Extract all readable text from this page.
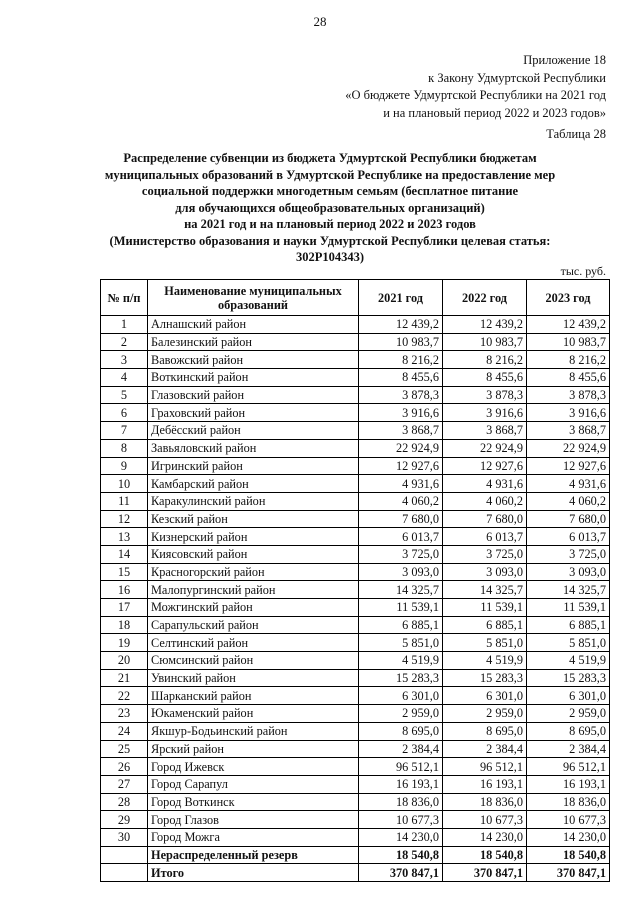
28
Приложение 18
к Закону Удмуртской Республики
«О бюджете Удмуртской Республики на 2021 год
и на плановый период 2022 и 2023 годов»
Таблица 28
Распределение субвенции из бюджета Удмуртской Республики бюджетам
муниципальных образований в Удмуртской Республике на предоставление мер
социальной поддержки многодетным семьям (бесплатное питание
для обучающихся общеобразовательных организаций)
на 2021 год и на плановый период 2022 и 2023 годов
(Министерство образования и науки Удмуртской Республики целевая статья:
302Р104343)
тыс. руб.
№ п/п	Наименование муниципальных образований	2021 год	2022 год	2023 год
1	Алнашский район	12 439,2	12 439,2	12 439,2
2	Балезинский район	10 983,7	10 983,7	10 983,7
3	Вавожский район	8 216,2	8 216,2	8 216,2
4	Воткинский район	8 455,6	8 455,6	8 455,6
5	Глазовский район	3 878,3	3 878,3	3 878,3
6	Граховский район	3 916,6	3 916,6	3 916,6
7	Дебёсский район	3 868,7	3 868,7	3 868,7
8	Завьяловский район	22 924,9	22 924,9	22 924,9
9	Игринский район	12 927,6	12 927,6	12 927,6
10	Камбарский район	4 931,6	4 931,6	4 931,6
11	Каракулинский район	4 060,2	4 060,2	4 060,2
12	Кезский район	7 680,0	7 680,0	7 680,0
13	Кизнерский район	6 013,7	6 013,7	6 013,7
14	Киясовский район	3 725,0	3 725,0	3 725,0
15	Красногорский район	3 093,0	3 093,0	3 093,0
16	Малопургинский район	14 325,7	14 325,7	14 325,7
17	Можгинский район	11 539,1	11 539,1	11 539,1
18	Сарапульский район	6 885,1	6 885,1	6 885,1
19	Селтинский район	5 851,0	5 851,0	5 851,0
20	Сюмсинский район	4 519,9	4 519,9	4 519,9
21	Увинский район	15 283,3	15 283,3	15 283,3
22	Шарканский район	6 301,0	6 301,0	6 301,0
23	Юкаменский район	2 959,0	2 959,0	2 959,0
24	Якшур-Бодьинский район	8 695,0	8 695,0	8 695,0
25	Ярский район	2 384,4	2 384,4	2 384,4
26	Город Ижевск	96 512,1	96 512,1	96 512,1
27	Город Сарапул	16 193,1	16 193,1	16 193,1
28	Город Воткинск	18 836,0	18 836,0	18 836,0
29	Город Глазов	10 677,3	10 677,3	10 677,3
30	Город Можга	14 230,0	14 230,0	14 230,0
	Нераспределенный резерв	18 540,8	18 540,8	18 540,8
	Итого	370 847,1	370 847,1	370 847,1
